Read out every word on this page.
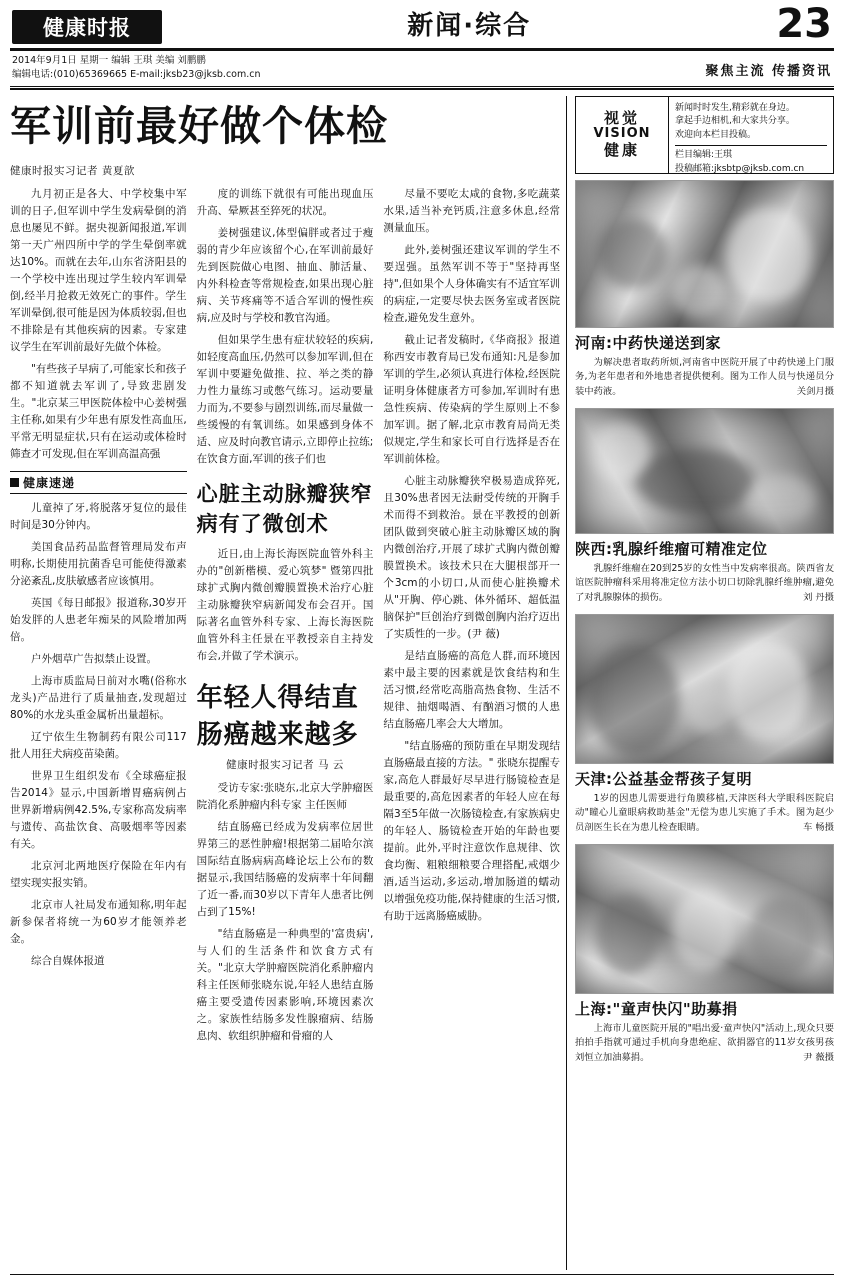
健康时报	新闻·综合	23
2014年9月1日 星期一 编辑 王琪 美编 刘鹏鹏
编辑电话:(010)65369665 E-mail:jksb23@jksb.com.cn	聚焦主流 传播资讯
军训前最好做个体检
健康时报实习记者 黄夏歆

九月初正是各大、中学校集中军训的日子,但军训中学生发病晕倒的消息也屡见不鲜。据央视新闻报道,军训第一天广州四所中学的学生晕倒率就达10%。而就在去年,山东省济阳县的一个学校中连出现过学生较内军训晕倒,经半月抢救无效死亡的事件。学生军训晕倒,很可能是因为体质较弱,但也不排除是有其他疾病的因素。专家建议学生在军训前最好先做个体检。

"有些孩子早病了,可能家长和孩子都不知道就去军训了,导致悲剧发生。"北京某三甲医院体检中心姜树强主任称,如果有少年患有原发性高血压,平常无明显症状,只有在运动或体检时筛查才可发现,但在军训高温高强

健康速递

儿童掉了牙,将脱落牙复位的最佳时间是30分钟内。

美国食品药品监督管理局发布声明称,长期使用抗菌香皂可能使得激素分泌紊乱,皮肤敏感者应该慎用。

英国《每日邮报》报道称,30岁开始发胖的人患老年痴呆的风险增加两倍。

户外烟草广告拟禁止设置。

上海市质监局日前对水嘴(俗称水龙头)产品进行了质量抽查,发现超过80%的水龙头重金属析出量超标。

辽宁依生生物制药有限公司117批人用狂犬病疫苗染菌。

世界卫生组织发布《全球癌症报告2014》显示,中国新增胃癌病例占世界新增病例42.5%,专家称高发病率与遗传、高盐饮食、高吸烟率等因素有关。

北京河北两地医疗保险在年内有望实现实报实销。

北京市人社局发布通知称,明年起新参保者将统一为60岁才能领养老金。

综合自媒体报道

度的训练下就很有可能出现血压升高、晕厥甚至猝死的状况。

姜树强建议,体型偏胖或者过于瘦弱的青少年应该留个心,在军训前最好先到医院做心电图、抽血、肺活量、内外科检查等常规检查,如果出现心脏病、关节疼痛等不适合军训的慢性疾病,应及时与学校和教官沟通。

但如果学生患有症状较轻的疾病,如轻度高血压,仍然可以参加军训,但在军训中要避免做推、拉、举之类的静力性力量练习或憋气练习。运动要量力而为,不要参与剧烈训练,而尽量做一些缓慢的有氧训练。如果感到身体不适、应及时向教官请示,立即停止拉练;在饮食方面,军训的孩子们也

心脏主动脉瓣狭窄病有了微创术

近日,由上海长海医院血管外科主办的"创新楷模、爱心筑梦" 暨第四批球扩式胸内微创瓣膜置换术治疗心脏主动脉瓣狭窄病新闻发布会召开。国际著名血管外科专家、上海长海医院血管外科主任景在平教授亲自主持发布会,并做了学术演示。

年轻人得结直肠癌越来越多
健康时报实习记者 马 云

受访专家:张晓东,北京大学肿瘤医院消化系肿瘤内科专家 主任医师

结直肠癌已经成为发病率位居世界第三的恶性肿瘤!根据第二届哈尔滨国际结直肠病病高峰论坛上公布的数据显示,我国结肠癌的发病率十年间翻了近一番,而30岁以下青年人患者比例占到了15%!

"结直肠癌是一种典型的'富贵病',与人们的生活条件和饮食方式有关。"北京大学肿瘤医院消化系肿瘤内科主任医师张晓东说,年轻人患结直肠癌主要受遗传因素影响,环境因素次之。家族性结肠多发性腺瘤病、结肠息肉、软组织肿瘤和骨瘤的人

尽量不要吃太咸的食物,多吃蔬菜水果,适当补充钙质,注意多休息,经常测量血压。

此外,姜树强还建议军训的学生不要逞强。虽然军训不等于"坚持再坚持",但如果个人身体确实有不适宜军训的病症,一定要尽快去医务室或者医院检查,避免发生意外。

截止记者发稿时,《华商报》报道称西安市教育局已发布通知:凡是参加军训的学生,必须认真进行体检,经医院证明身体健康者方可参加,军训时有患急性疾病、传染病的学生原则上不参加军训。据了解,北京市教育局尚无类似规定,学生和家长可自行选择是否在军训前体检。

心脏主动脉瓣狭窄极易造成猝死,且30%患者因无法耐受传统的开胸手术而得不到救治。景在平教授的创新团队做到突破心脏主动脉瓣区域的胸内微创治疗,开展了球扩式胸内微创瓣膜置换术。该技术只在大腿根部开一个3cm的小切口,从而使心脏换瓣术从"开胸、停心跳、体外循环、超低温脑保护"巨创治疗到微创胸内治疗迈出了实质性的一步。(尹 薇)

是结直肠癌的高危人群,而环境因素中最主要的因素就是饮食结构和生活习惯,经常吃高脂高热食物、生活不规律、抽烟喝酒、有酗酒习惯的人患结直肠癌几率会大大增加。

"结直肠癌的预防重在早期发现结直肠癌最直接的方法。" 张晓东提醒专家,高危人群最好尽早进行肠镜检查是最重要的,高危因素者的年轻人应在每隔3至5年做一次肠镜检查,有家族病史的年轻人、肠镜检查开始的年龄也要提前。此外,平时注意饮作息规律、饮食均衡、粗粮细粮要合理搭配,戒烟少酒,适当运动,多运动,增加肠道的蠕动以增强免疫功能,保持健康的生活习惯,有助于远离肠癌威胁。

视觉
VISION
健康
新闻时时发生,精彩就在身边。
拿起手边相机,和大家共分享。
欢迎向本栏目投稿。
栏目编辑:王琪
投稿邮箱:jksbtp@jksb.com.cn
河南:中药快递送到家
为解决患者取药所烦,河南省中医院开展了中药快递上门服务,为老年患者和外地患者提供便利。图为工作人员与快递员分装中药液。	关剑月摄
陕西:乳腺纤维瘤可精准定位
乳腺纤维瘤在20到25岁的女性当中发病率很高。陕西省友谊医院肿瘤科采用将准定位方法小切口切除乳腺纤维肿瘤,避免了对乳腺腺体的损伤。	刘 丹摄
天津:公益基金帮孩子复明
1岁的因患儿需要进行角膜移植,天津医科大学眼科医院启动"瞳心儿童眼病救助基金"无偿为患儿实施了手术。图为赵少员剖医生长在为患儿检查眼睛。	车 畅摄
上海:"童声快闪"助募捐
上海市儿童医院开展的"唱出爱·童声快闪"活动上,现众只要拍拍手指就可通过手机向身患绝症、欲捐器官的11岁女孩男孩刘恒立加油募捐。	尹 薇摄
